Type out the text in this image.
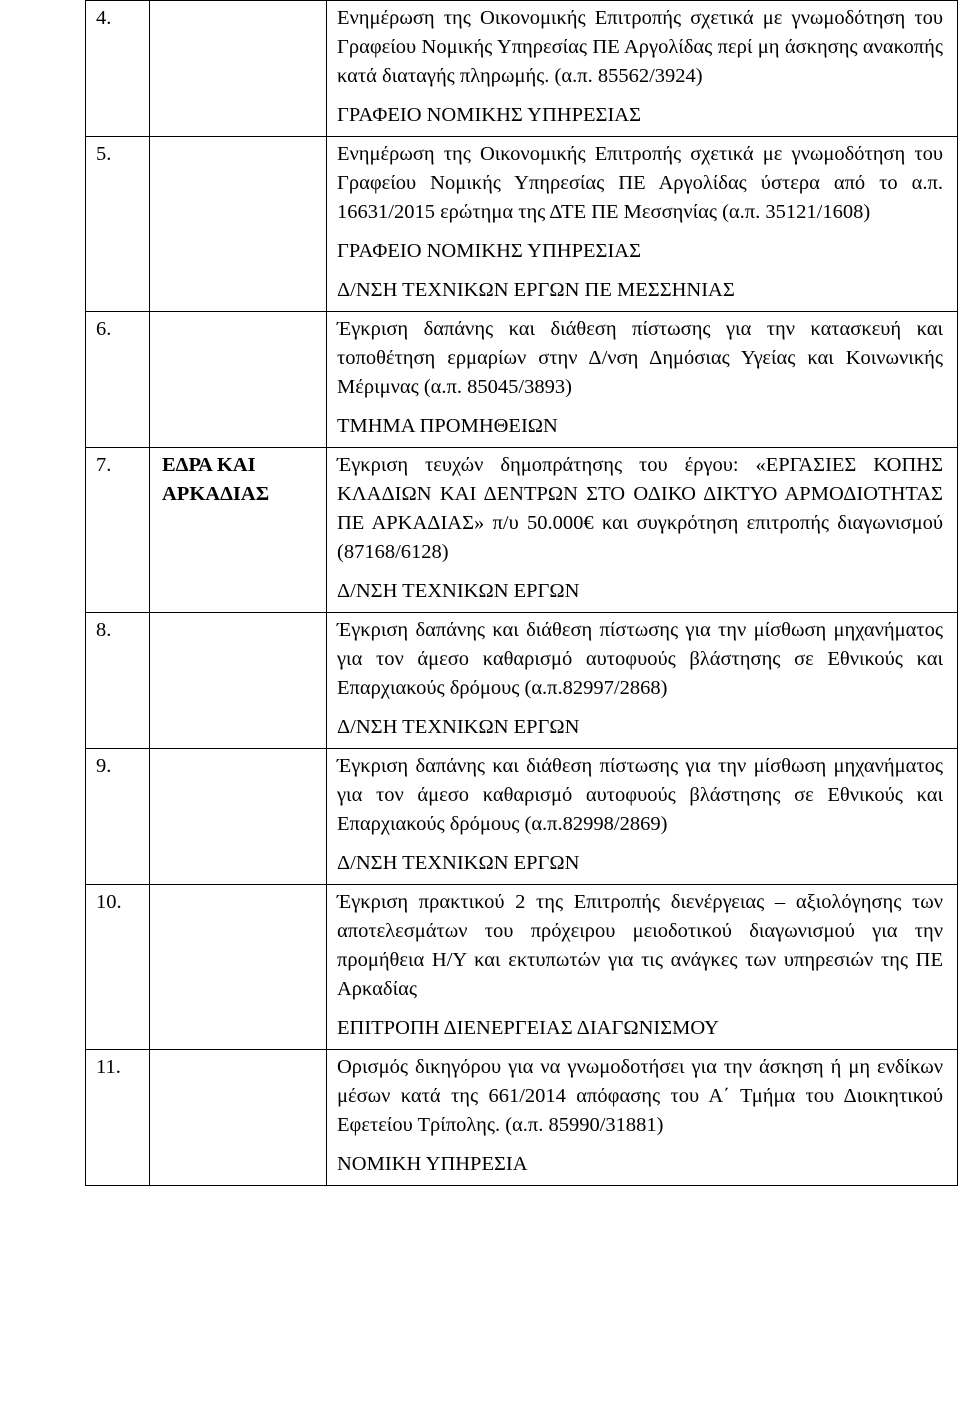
4.		Ενημέρωση της Οικονομικής Επιτροπής σχετικά με γνωμοδότηση του Γραφείου Νομικής Υπηρεσίας ΠΕ Αργολίδας περί μη άσκησης ανακοπής κατά διαταγής πληρωμής. (α.π. 85562/3924)

ΓΡΑΦΕΙΟ ΝΟΜΙΚΗΣ ΥΠΗΡΕΣΙΑΣ

5.		Ενημέρωση της Οικονομικής Επιτροπής σχετικά με γνωμοδότηση του Γραφείου Νομικής Υπηρεσίας ΠΕ Αργολίδας ύστερα από το α.π. 16631/2015 ερώτημα της ΔΤΕ ΠΕ Μεσσηνίας (α.π. 35121/1608)

ΓΡΑΦΕΙΟ ΝΟΜΙΚΗΣ ΥΠΗΡΕΣΙΑΣ

Δ/ΝΣΗ ΤΕΧΝΙΚΩΝ ΕΡΓΩΝ ΠΕ ΜΕΣΣΗΝΙΑΣ

6.		Έγκριση δαπάνης και διάθεση πίστωσης για την κατασκευή και τοποθέτηση ερμαρίων στην Δ/νση Δημόσιας Υγείας και Κοινωνικής Μέριμνας (α.π. 85045/3893)

ΤΜΗΜΑ ΠΡΟΜΗΘΕΙΩΝ

7.	ΕΔΡΑ ΚΑΙ ΑΡΚΑΔΙΑΣ	Έγκριση τευχών δημοπράτησης του έργου: «ΕΡΓΑΣΙΕΣ ΚΟΠΗΣ ΚΛΑΔΙΩΝ ΚΑΙ ΔΕΝΤΡΩΝ ΣΤΟ ΟΔΙΚΟ ΔΙΚΤΥΟ ΑΡΜΟΔΙΟΤΗΤΑΣ ΠΕ ΑΡΚΑΔΙΑΣ» π/υ 50.000€ και συγκρότηση επιτροπής διαγωνισμού (87168/6128)

Δ/ΝΣΗ ΤΕΧΝΙΚΩΝ ΕΡΓΩΝ

8.		Έγκριση δαπάνης και διάθεση πίστωσης για την μίσθωση μηχανήματος για τον άμεσο καθαρισμό αυτοφυούς βλάστησης σε Εθνικούς και Επαρχιακούς δρόμους (α.π.82997/2868)

Δ/ΝΣΗ ΤΕΧΝΙΚΩΝ ΕΡΓΩΝ

9.		Έγκριση δαπάνης και διάθεση πίστωσης για την μίσθωση μηχανήματος για τον άμεσο καθαρισμό αυτοφυούς βλάστησης σε Εθνικούς και Επαρχιακούς δρόμους (α.π.82998/2869)

Δ/ΝΣΗ ΤΕΧΝΙΚΩΝ ΕΡΓΩΝ

10.		Έγκριση πρακτικού 2 της Επιτροπής διενέργειας – αξιολόγησης των αποτελεσμάτων του πρόχειρου μειοδοτικού διαγωνισμού για την προμήθεια Η/Υ και εκτυπωτών για τις ανάγκες των υπηρεσιών της ΠΕ Αρκαδίας

ΕΠΙΤΡΟΠΗ ΔΙΕΝΕΡΓΕΙΑΣ ΔΙΑΓΩΝΙΣΜΟΥ

11.		Ορισμός δικηγόρου για να γνωμοδοτήσει για την άσκηση ή μη ενδίκων μέσων κατά της 661/2014 απόφασης του Α΄ Τμήμα του Διοικητικού Εφετείου Τρίπολης. (α.π. 85990/31881)

ΝΟΜΙΚΗ ΥΠΗΡΕΣΙΑ
